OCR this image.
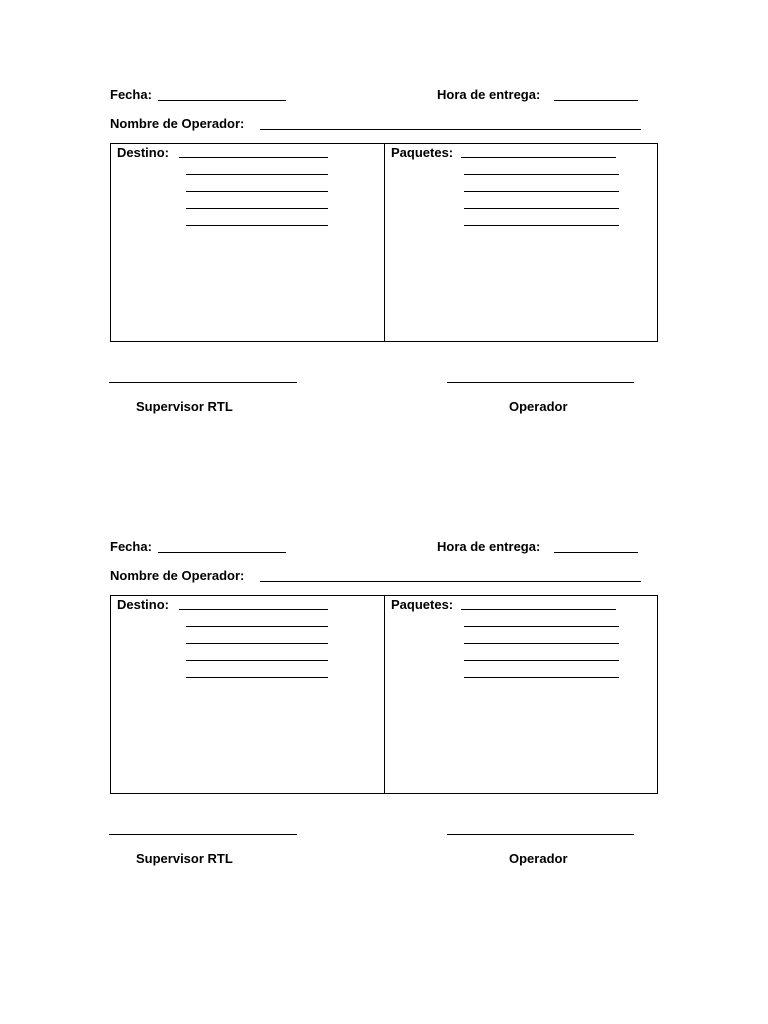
Fecha:	Hora de entrega:
Nombre de Operador:
Destino:	Paquetes:
Supervisor RTL	Operador
Fecha:	Hora de entrega:
Nombre de Operador:
Destino:	Paquetes:
Supervisor RTL	Operador
